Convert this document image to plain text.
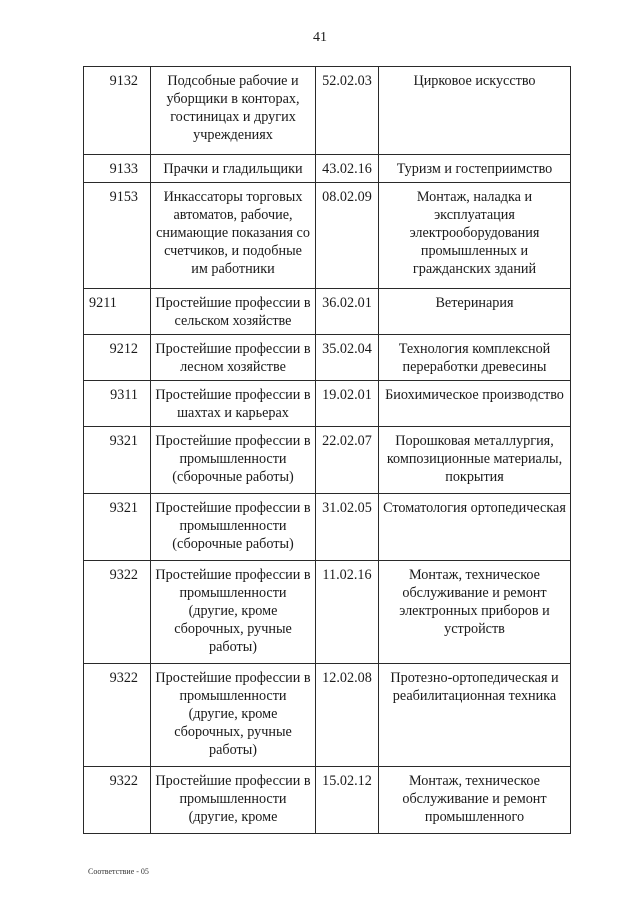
41
9132	Подсобные рабочие и уборщики в конторах, гостиницах и других учреждениях	52.02.03	Цирковое искусство
9133	Прачки и гладильщики	43.02.16	Туризм и гостеприимство
9153	Инкассаторы торговых автоматов, рабочие, снимающие показания со счетчиков, и подобные им работники	08.02.09	Монтаж, наладка и эксплуатация электрооборудования промышленных и гражданских зданий
9211	Простейшие профессии в сельском хозяйстве	36.02.01	Ветеринария
9212	Простейшие профессии в лесном хозяйстве	35.02.04	Технология комплексной переработки древесины
9311	Простейшие профессии в шахтах и карьерах	19.02.01	Биохимическое производство
9321	Простейшие профессии в промышленности (сборочные работы)	22.02.07	Порошковая металлургия, композиционные материалы, покрытия
9321	Простейшие профессии в промышленности (сборочные работы)	31.02.05	Стоматология ортопедическая
9322	Простейшие профессии в промышленности (другие, кроме сборочных, ручные работы)	11.02.16	Монтаж, техническое обслуживание и ремонт электронных приборов и устройств
9322	Простейшие профессии в промышленности (другие, кроме сборочных, ручные работы)	12.02.08	Протезно-ортопедическая и реабилитационная техника
9322	Простейшие профессии в промышленности (другие, кроме	15.02.12	Монтаж, техническое обслуживание и ремонт промышленного
Соответствие - 05
